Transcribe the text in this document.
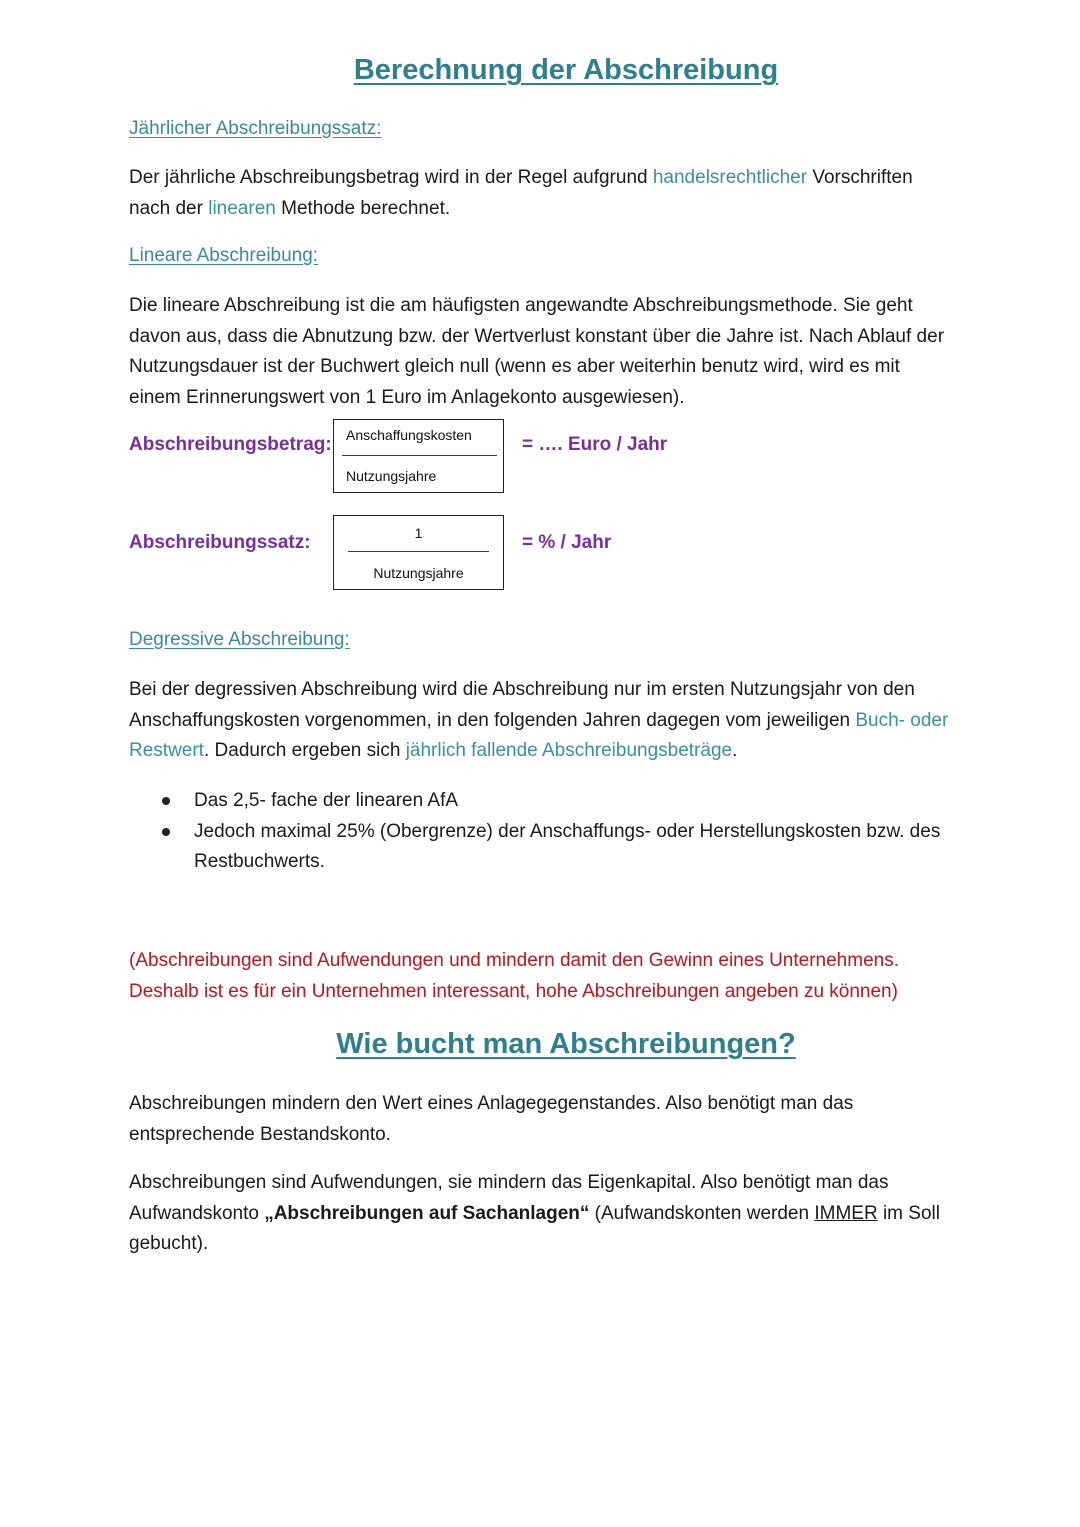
Berechnung der Abschreibung
Jährlicher Abschreibungssatz:
Der jährliche Abschreibungsbetrag wird in der Regel aufgrund handelsrechtlicher Vorschriften
nach der linearen Methode berechnet.
Lineare Abschreibung:
Die lineare Abschreibung ist die am häufigsten angewandte Abschreibungsmethode. Sie geht
davon aus, dass die Abnutzung bzw. der Wertverlust konstant über die Jahre ist. Nach Ablauf der
Nutzungsdauer ist der Buchwert gleich null (wenn es aber weiterhin benutz wird, wird es mit
einem Erinnerungswert von 1 Euro im Anlagekonto ausgewiesen).
Abschreibungsbetrag: Anschaffungskosten
Nutzungsjahre
= …. Euro / Jahr
Abschreibungssatz:	1
Nutzungsjahre
= % / Jahr
Degressive Abschreibung:
Bei der degressiven Abschreibung wird die Abschreibung nur im ersten Nutzungsjahr von den
Anschaffungskosten vorgenommen, in den folgenden Jahren dagegen vom jeweiligen Buch- oder
Restwert. Dadurch ergeben sich jährlich fallende Abschreibungsbeträge.
Das 2,5- fache der linearen AfA
Jedoch maximal 25% (Obergrenze) der Anschaffungs- oder Herstellungskosten bzw. des Restbuchwerts.
(Abschreibungen sind Aufwendungen und mindern damit den Gewinn eines Unternehmens.
Deshalb ist es für ein Unternehmen interessant, hohe Abschreibungen angeben zu können)
Wie bucht man Abschreibungen?
Abschreibungen mindern den Wert eines Anlagegegenstandes. Also benötigt man das
entsprechende Bestandskonto.
Abschreibungen sind Aufwendungen, sie mindern das Eigenkapital. Also benötigt man das
Aufwandskonto „Abschreibungen auf Sachanlagen“ (Aufwandskonten werden IMMER im Soll
gebucht).
